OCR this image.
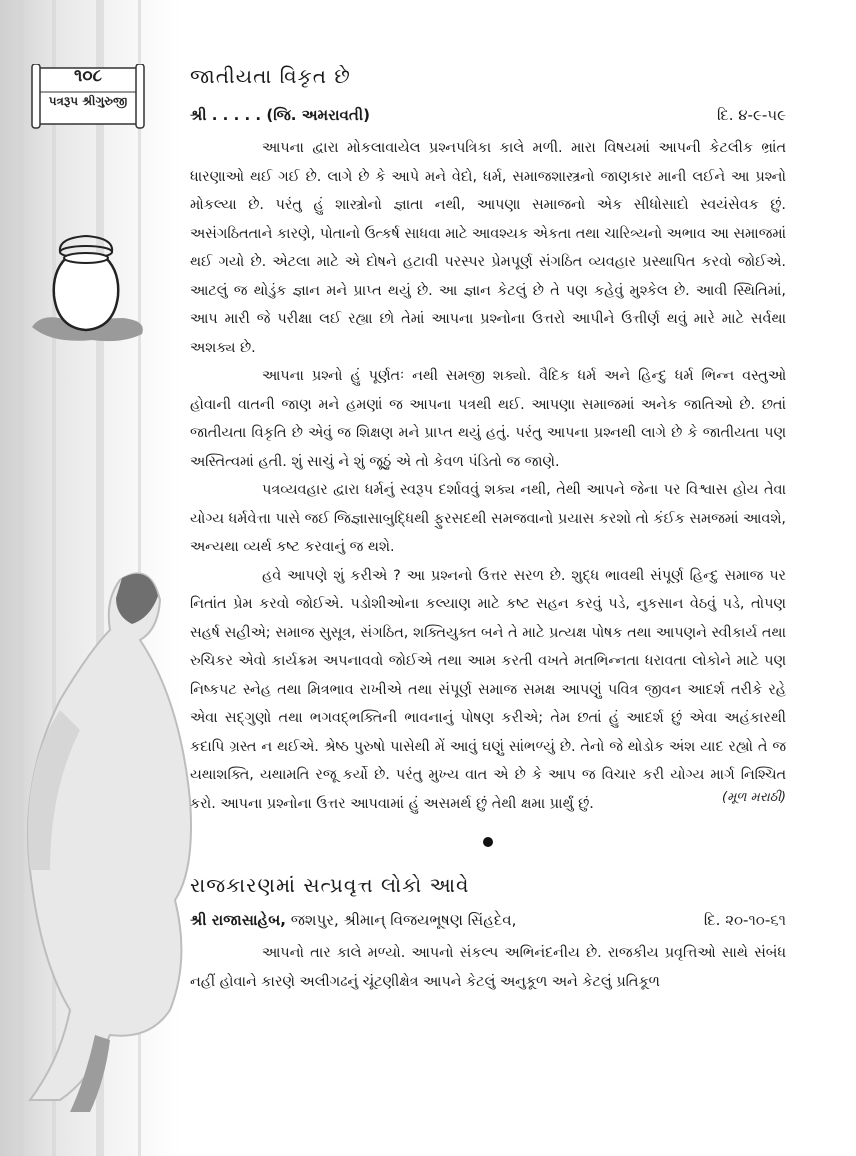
૧૦૮
પત્રરૂપ શ્રીગુરુજી
જાતીયતા વિકૃત છે
શ્રી . . . . . (જિ. અમરાવતી)	દિ. ૪-૯-૫૯

આપના દ્વારા મોકલાવાયેલ પ્રશ્નપત્રિકા કાલે મળી. મારા વિષયમાં આપની કેટલીક ભ્રાંત ધારણાઓ થઈ ગઈ છે. લાગે છે કે આપે મને વેદો, ધર્મ, સમાજશાસ્ત્રનો જાણકાર માની લઈને આ પ્રશ્નો મોકલ્યા છે. પરંતુ હું શાસ્ત્રોનો જ્ઞાતા નથી, આપણા સમાજનો એક સીધોસાદો સ્વયંસેવક છું. અસંગઠિતતાને કારણે, પોતાનો ઉત્કર્ષ સાધવા માટે આવશ્યક એકતા તથા ચારિત્ર્યનો અભાવ આ સમાજમાં થઈ ગયો છે. એટલા માટે એ દોષને હટાવી પરસ્પર પ્રેમપૂર્ણ સંગઠિત વ્યવહાર પ્રસ્થાપિત કરવો જોઈએ. આટલું જ થોડુંક જ્ઞાન મને પ્રાપ્ત થયું છે. આ જ્ઞાન કેટલું છે તે પણ કહેવું મુશ્કેલ છે. આવી સ્થિતિમાં, આપ મારી જે પરીક્ષા લઈ રહ્યા છો તેમાં આપના પ્રશ્નોના ઉત્તરો આપીને ઉત્તીર્ણ થવું મારે માટે સર્વથા અશક્ય છે.

આપના પ્રશ્નો હું પૂર્ણતઃ નથી સમજી શક્યો. વૈદિક ધર્મ અને હિન્દુ ધર્મ ભિન્ન વસ્તુઓ હોવાની વાતની જાણ મને હમણાં જ આપના પત્રથી થઈ. આપણા સમાજમાં અનેક જાતિઓ છે. છતાં જાતીયતા વિકૃતિ છે એવું જ શિક્ષણ મને પ્રાપ્ત થયું હતું. પરંતુ આપના પ્રશ્નથી લાગે છે કે જાતીયતા પણ અસ્તિત્વમાં હતી. શું સાચું ને શું જૂઠું એ તો કેવળ પંડિતો જ જાણે.

પત્રવ્યવહાર દ્વારા ધર્મનું સ્વરૂપ દર્શાવવું શક્ય નથી, તેથી આપને જેના પર વિશ્વાસ હોય તેવા યોગ્ય ધર્મવેત્તા પાસે જઈ જિજ્ઞાસાબુદ્ધિથી ફુરસદથી સમજવાનો પ્રયાસ કરશો તો કંઈક સમજમાં આવશે, અન્યથા વ્યર્થ કષ્ટ કરવાનું જ થશે.

હવે આપણે શું કરીએ ? આ પ્રશ્નનો ઉત્તર સરળ છે. શુદ્ધ ભાવથી સંપૂર્ણ હિન્દુ સમાજ પર નિતાંત પ્રેમ કરવો જોઈએ. પડોશીઓના કલ્યાણ માટે કષ્ટ સહન કરવું પડે, નુકસાન વેઠવું પડે, તોપણ સહર્ષ સહીએ; સમાજ સુસૂત્ર, સંગઠિત, શક્તિયુક્ત બને તે માટે પ્રત્યક્ષ પોષક તથા આપણને સ્વીકાર્ય તથા રુચિકર એવો કાર્યક્રમ અપનાવવો જોઈએ તથા આમ કરતી વખતે મતભિન્નતા ધરાવતા લોકોને માટે પણ નિષ્કપટ સ્નેહ તથા મિત્રભાવ રાખીએ તથા સંપૂર્ણ સમાજ સમક્ષ આપણું પવિત્ર જીવન આદર્શ તરીકે રહે એવા સદ્ગુણો તથા ભગવદ્ભક્તિની ભાવનાનું પોષણ કરીએ; તેમ છતાં હું આદર્શ છું એવા અહંકારથી કદાપિ ગ્રસ્ત ન થઈએ. શ્રેષ્ઠ પુરુષો પાસેથી મેં આવું ઘણું સાંભળ્યું છે. તેનો જે થોડોક અંશ યાદ રહ્યો તે જ યથાશક્તિ, યથામતિ રજૂ કર્યો છે. પરંતુ મુખ્ય વાત એ છે કે આપ જ વિચાર કરી યોગ્ય માર્ગ નિશ્ચિત કરો. આપના પ્રશ્નોના ઉત્તર આપવામાં હું અસમર્થ છું તેથી ક્ષમા પ્રાર્થું છું.	(મૂળ મરાઠી)
રાજકારણમાં સત્પ્રવૃત્ત લોકો આવે
શ્રી રાજાસાહેબ, જશપુર, શ્રીમાન્ વિજયભૂષણ સિંહદેવ,	દિ. ૨૦-૧૦-૬૧

આપનો તાર કાલે મળ્યો. આપનો સંકલ્પ અભિનંદનીય છે. રાજકીય પ્રવૃત્તિઓ સાથે સંબંધ નહીં હોવાને કારણે અલીગઢનું ચૂંટણીક્ષેત્ર આપને કેટલું અનુકૂળ અને કેટલું પ્રતિકૂળ
